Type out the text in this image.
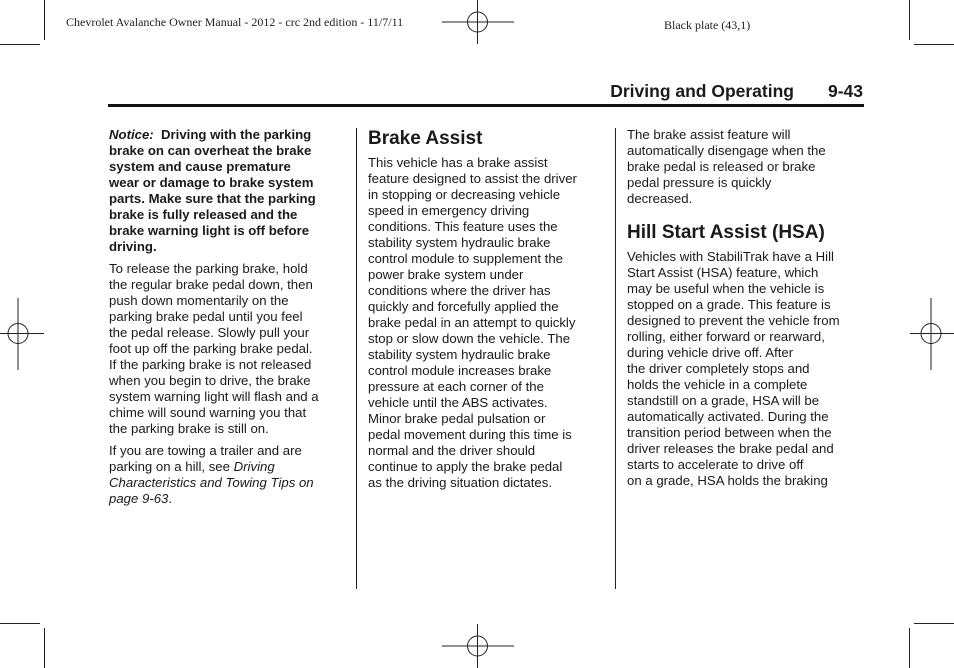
Chevrolet Avalanche Owner Manual - 2012 - crc 2nd edition - 11/7/11	Black plate (43,1)
Driving and Operating 9-43

Notice: Driving with the parking
brake on can overheat the brake
system and cause premature
wear or damage to brake system
parts. Make sure that the parking
brake is fully released and the
brake warning light is off before
driving.

To release the parking brake, hold
the regular brake pedal down, then
push down momentarily on the
parking brake pedal until you feel
the pedal release. Slowly pull your
foot up off the parking brake pedal.
If the parking brake is not released
when you begin to drive, the brake
system warning light will flash and a
chime will sound warning you that
the parking brake is still on.

If you are towing a trailer and are
parking on a hill, see Driving
Characteristics and Towing Tips on
page 9-63.

Brake Assist

This vehicle has a brake assist
feature designed to assist the driver
in stopping or decreasing vehicle
speed in emergency driving
conditions. This feature uses the
stability system hydraulic brake
control module to supplement the
power brake system under
conditions where the driver has
quickly and forcefully applied the
brake pedal in an attempt to quickly
stop or slow down the vehicle. The
stability system hydraulic brake
control module increases brake
pressure at each corner of the
vehicle until the ABS activates.
Minor brake pedal pulsation or
pedal movement during this time is
normal and the driver should
continue to apply the brake pedal
as the driving situation dictates.

The brake assist feature will
automatically disengage when the
brake pedal is released or brake
pedal pressure is quickly
decreased.

Hill Start Assist (HSA)

Vehicles with StabiliTrak have a Hill
Start Assist (HSA) feature, which
may be useful when the vehicle is
stopped on a grade. This feature is
designed to prevent the vehicle from
rolling, either forward or rearward,
during vehicle drive off. After
the driver completely stops and
holds the vehicle in a complete
standstill on a grade, HSA will be
automatically activated. During the
transition period between when the
driver releases the brake pedal and
starts to accelerate to drive off
on a grade, HSA holds the braking
